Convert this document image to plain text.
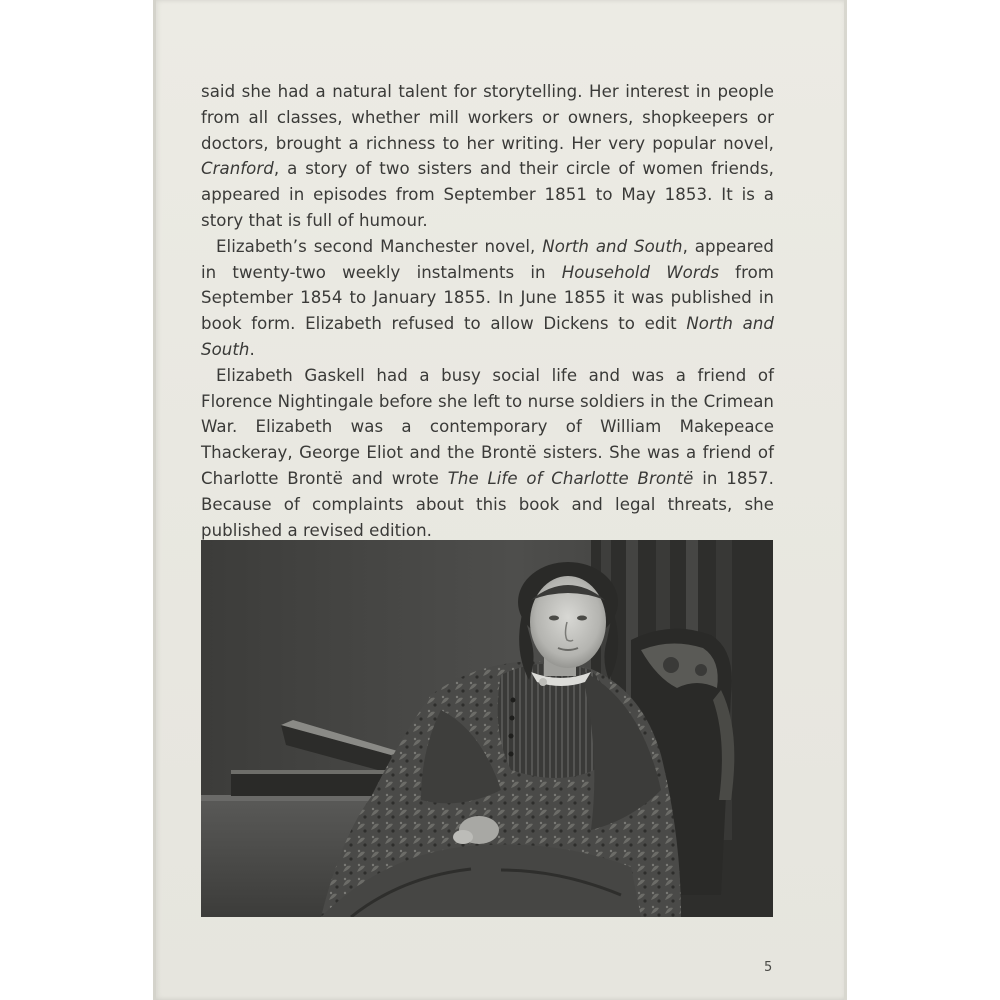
said she had a natural talent for storytelling. Her interest in people from all classes, whether mill workers or owners, shopkeepers or doctors, brought a richness to her writing. Her very popular novel, Cranford, a story of two sisters and their circle of women friends, appeared in episodes from September 1851 to May 1853. It is a story that is full of humour.

Elizabeth’s second Manchester novel, North and South, appeared in twenty-two weekly instalments in Household Words from September 1854 to January 1855. In June 1855 it was published in book form. Elizabeth refused to allow Dickens to edit North and South.

Elizabeth Gaskell had a busy social life and was a friend of Florence Nightingale before she left to nurse soldiers in the Crimean War. Elizabeth was a contemporary of William Makepeace Thackeray, George Eliot and the Brontë sisters. She was a friend of Charlotte Brontë and wrote The Life of Charlotte Brontë in 1857. Because of complaints about this book and legal threats, she published a revised edition.

5
